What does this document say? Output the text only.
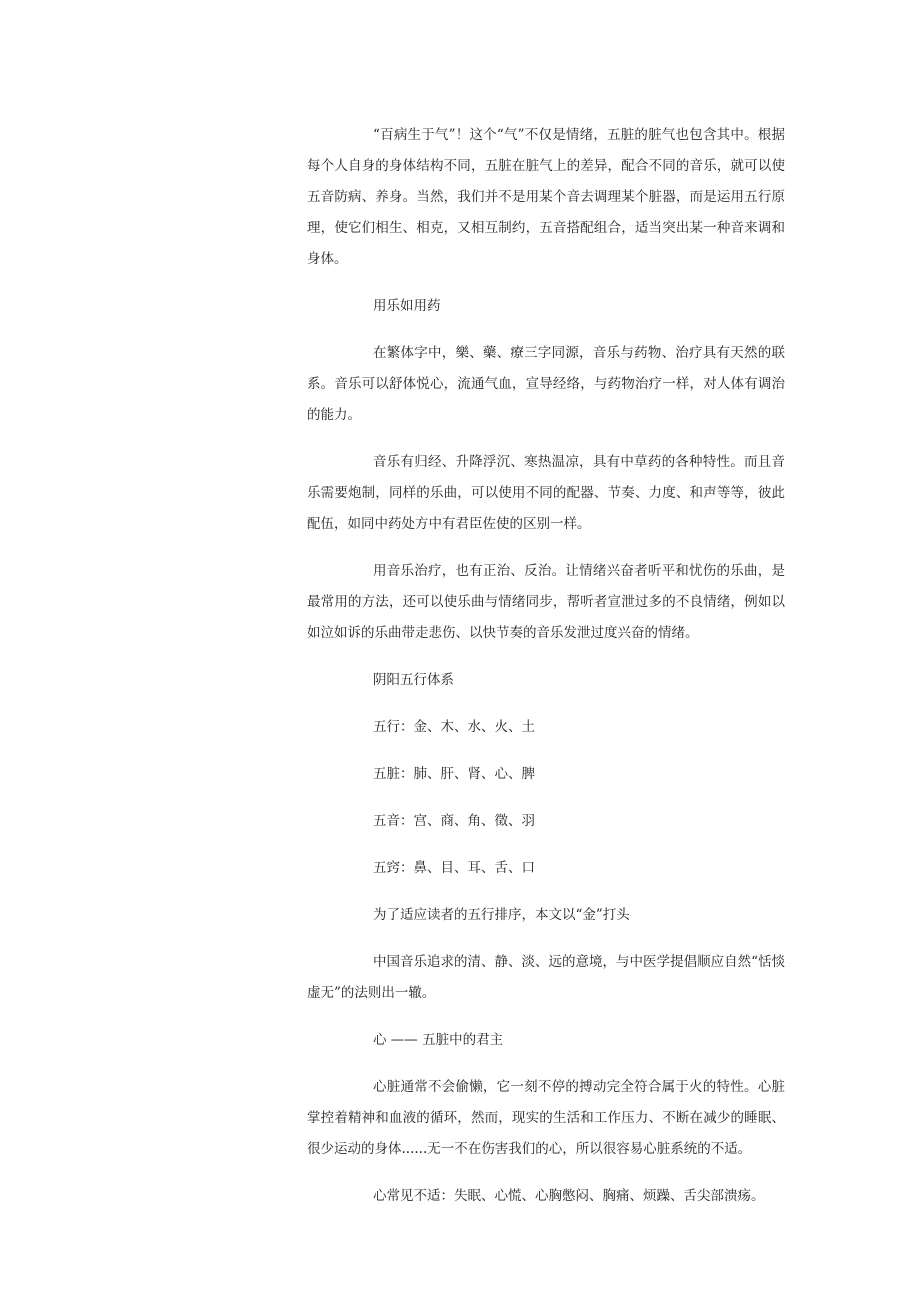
“百病生于气”！这个“气”不仅是情绪，五脏的脏气也包含其中。根据每个人自身的身体结构不同，五脏在脏气上的差异，配合不同的音乐，就可以使五音防病、养身。当然，我们并不是用某个音去调理某个脏器，而是运用五行原理，使它们相生、相克，又相互制约，五音搭配组合，适当突出某一种音来调和身体。

用乐如用药

在繁体字中，樂、藥、療三字同源，音乐与药物、治疗具有天然的联系。音乐可以舒体悦心，流通气血，宣导经络，与药物治疗一样，对人体有调治的能力。

音乐有归经、升降浮沉、寒热温凉，具有中草药的各种特性。而且音乐需要炮制，同样的乐曲，可以使用不同的配器、节奏、力度、和声等等，彼此配伍，如同中药处方中有君臣佐使的区别一样。

用音乐治疗，也有正治、反治。让情绪兴奋者听平和忧伤的乐曲，是最常用的方法，还可以使乐曲与情绪同步，帮听者宣泄过多的不良情绪，例如以如泣如诉的乐曲带走悲伤、以快节奏的音乐发泄过度兴奋的情绪。

阴阳五行体系

五行：金、木、水、火、土

五脏：肺、肝、肾、心、脾

五音：宫、商、角、徵、羽

五窍：鼻、目、耳、舌、口

为了适应读者的五行排序，本文以“金”打头

中国音乐追求的清、静、淡、远的意境，与中医学提倡顺应自然“恬惔虚无”的法则出一辙。

心 —— 五脏中的君主

心脏通常不会偷懒，它一刻不停的搏动完全符合属于火的特性。心脏掌控着精神和血液的循环，然而，现实的生活和工作压力、不断在减少的睡眠、很少运动的身体......无一不在伤害我们的心，所以很容易心脏系统的不适。

心常见不适：失眠、心慌、心胸憋闷、胸痛、烦躁、舌尖部溃疡。
